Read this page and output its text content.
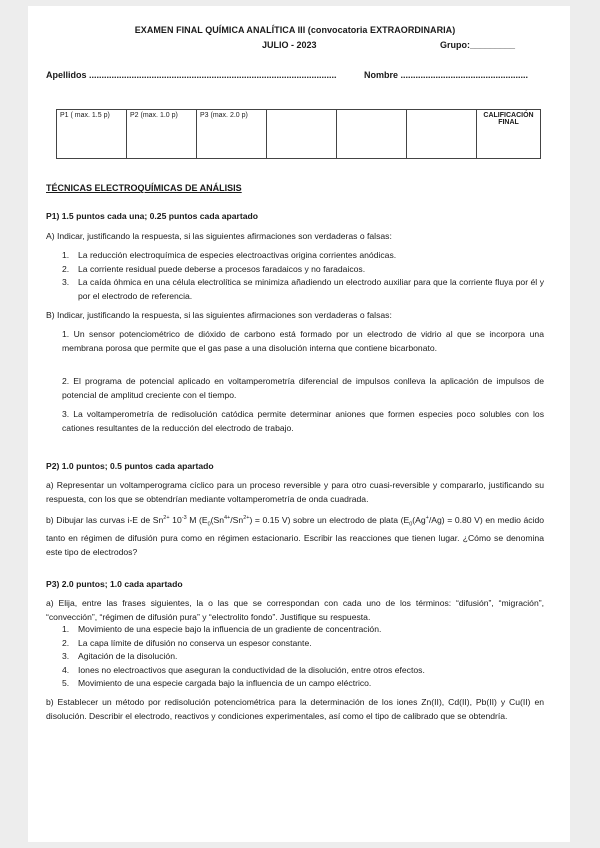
EXAMEN FINAL QUÍMICA ANALÍTICA III (convocatoria EXTRAORDINARIA)
JULIO - 2023	Grupo:_________
Apellidos ...................................................................................................	Nombre ...................................................
P1 ( max. 1.5 p)	P2 (max. 1.0 p)	P3 (max. 2.0 p)				CALIFICACIÓN
FINAL
TÉCNICAS ELECTROQUÍMICAS DE ANÁLISIS
P1) 1.5 puntos cada una; 0.25 puntos cada apartado
A) Indicar, justificando la respuesta, si las siguientes afirmaciones son verdaderas o falsas:
1. La reducción electroquímica de especies electroactivas origina corrientes anódicas.
2. La corriente residual puede deberse a procesos faradaicos y no faradaicos.
3. La caída óhmica en una célula electrolítica se minimiza añadiendo un electrodo auxiliar para que la corriente fluya por él y por el electrodo de referencia.
B) Indicar, justificando la respuesta, si las siguientes afirmaciones son verdaderas o falsas:
1. Un sensor potenciométrico de dióxido de carbono está formado por un electrodo de vidrio al que se incorpora una membrana porosa que permite que el gas pase a una disolución interna que contiene bicarbonato.
2. El programa de potencial aplicado en voltamperometría diferencial de impulsos conlleva la aplicación de impulsos de potencial de amplitud creciente con el tiempo.
3. La voltamperometría de redisolución catódica permite determinar aniones que formen especies poco solubles con los cationes resultantes de la reducción del electrodo de trabajo.
P2) 1.0 puntos; 0.5 puntos cada apartado
a) Representar un voltamperograma cíclico para un proceso reversible y para otro cuasi-reversible y compararlo, justificando su respuesta, con los que se obtendrían mediante voltamperometría de onda cuadrada.
b) Dibujar las curvas i-E de $Sn^{2+}$ $10^{-3}$ M ($E_0(Sn^{4+}/Sn^{2+}) = 0.15$ V) sobre un electrodo de plata ($E_0(Ag^+/Ag) = 0.80$ V) en medio ácido tanto en régimen de difusión pura como en régimen estacionario. Escribir las reacciones que tienen lugar. ¿Cómo se denomina este tipo de electrodos?
P3) 2.0 puntos; 1.0 cada apartado
a) Elija, entre las frases siguientes, la o las que se correspondan con cada uno de los términos: “difusión”, “migración”, “convección”, “régimen de difusión pura” y “electrolito fondo”. Justifique su respuesta.
1. Movimiento de una especie bajo la influencia de un gradiente de concentración.
2. La capa límite de difusión no conserva un espesor constante.
3. Agitación de la disolución.
4. Iones no electroactivos que aseguran la conductividad de la disolución, entre otros efectos.
5. Movimiento de una especie cargada bajo la influencia de un campo eléctrico.
b) Establecer un método por redisolución potenciométrica para la determinación de los iones Zn(II), Cd(II), Pb(II) y Cu(II) en disolución. Describir el electrodo, reactivos y condiciones experimentales, así como el tipo de calibrado que se obtendría.
